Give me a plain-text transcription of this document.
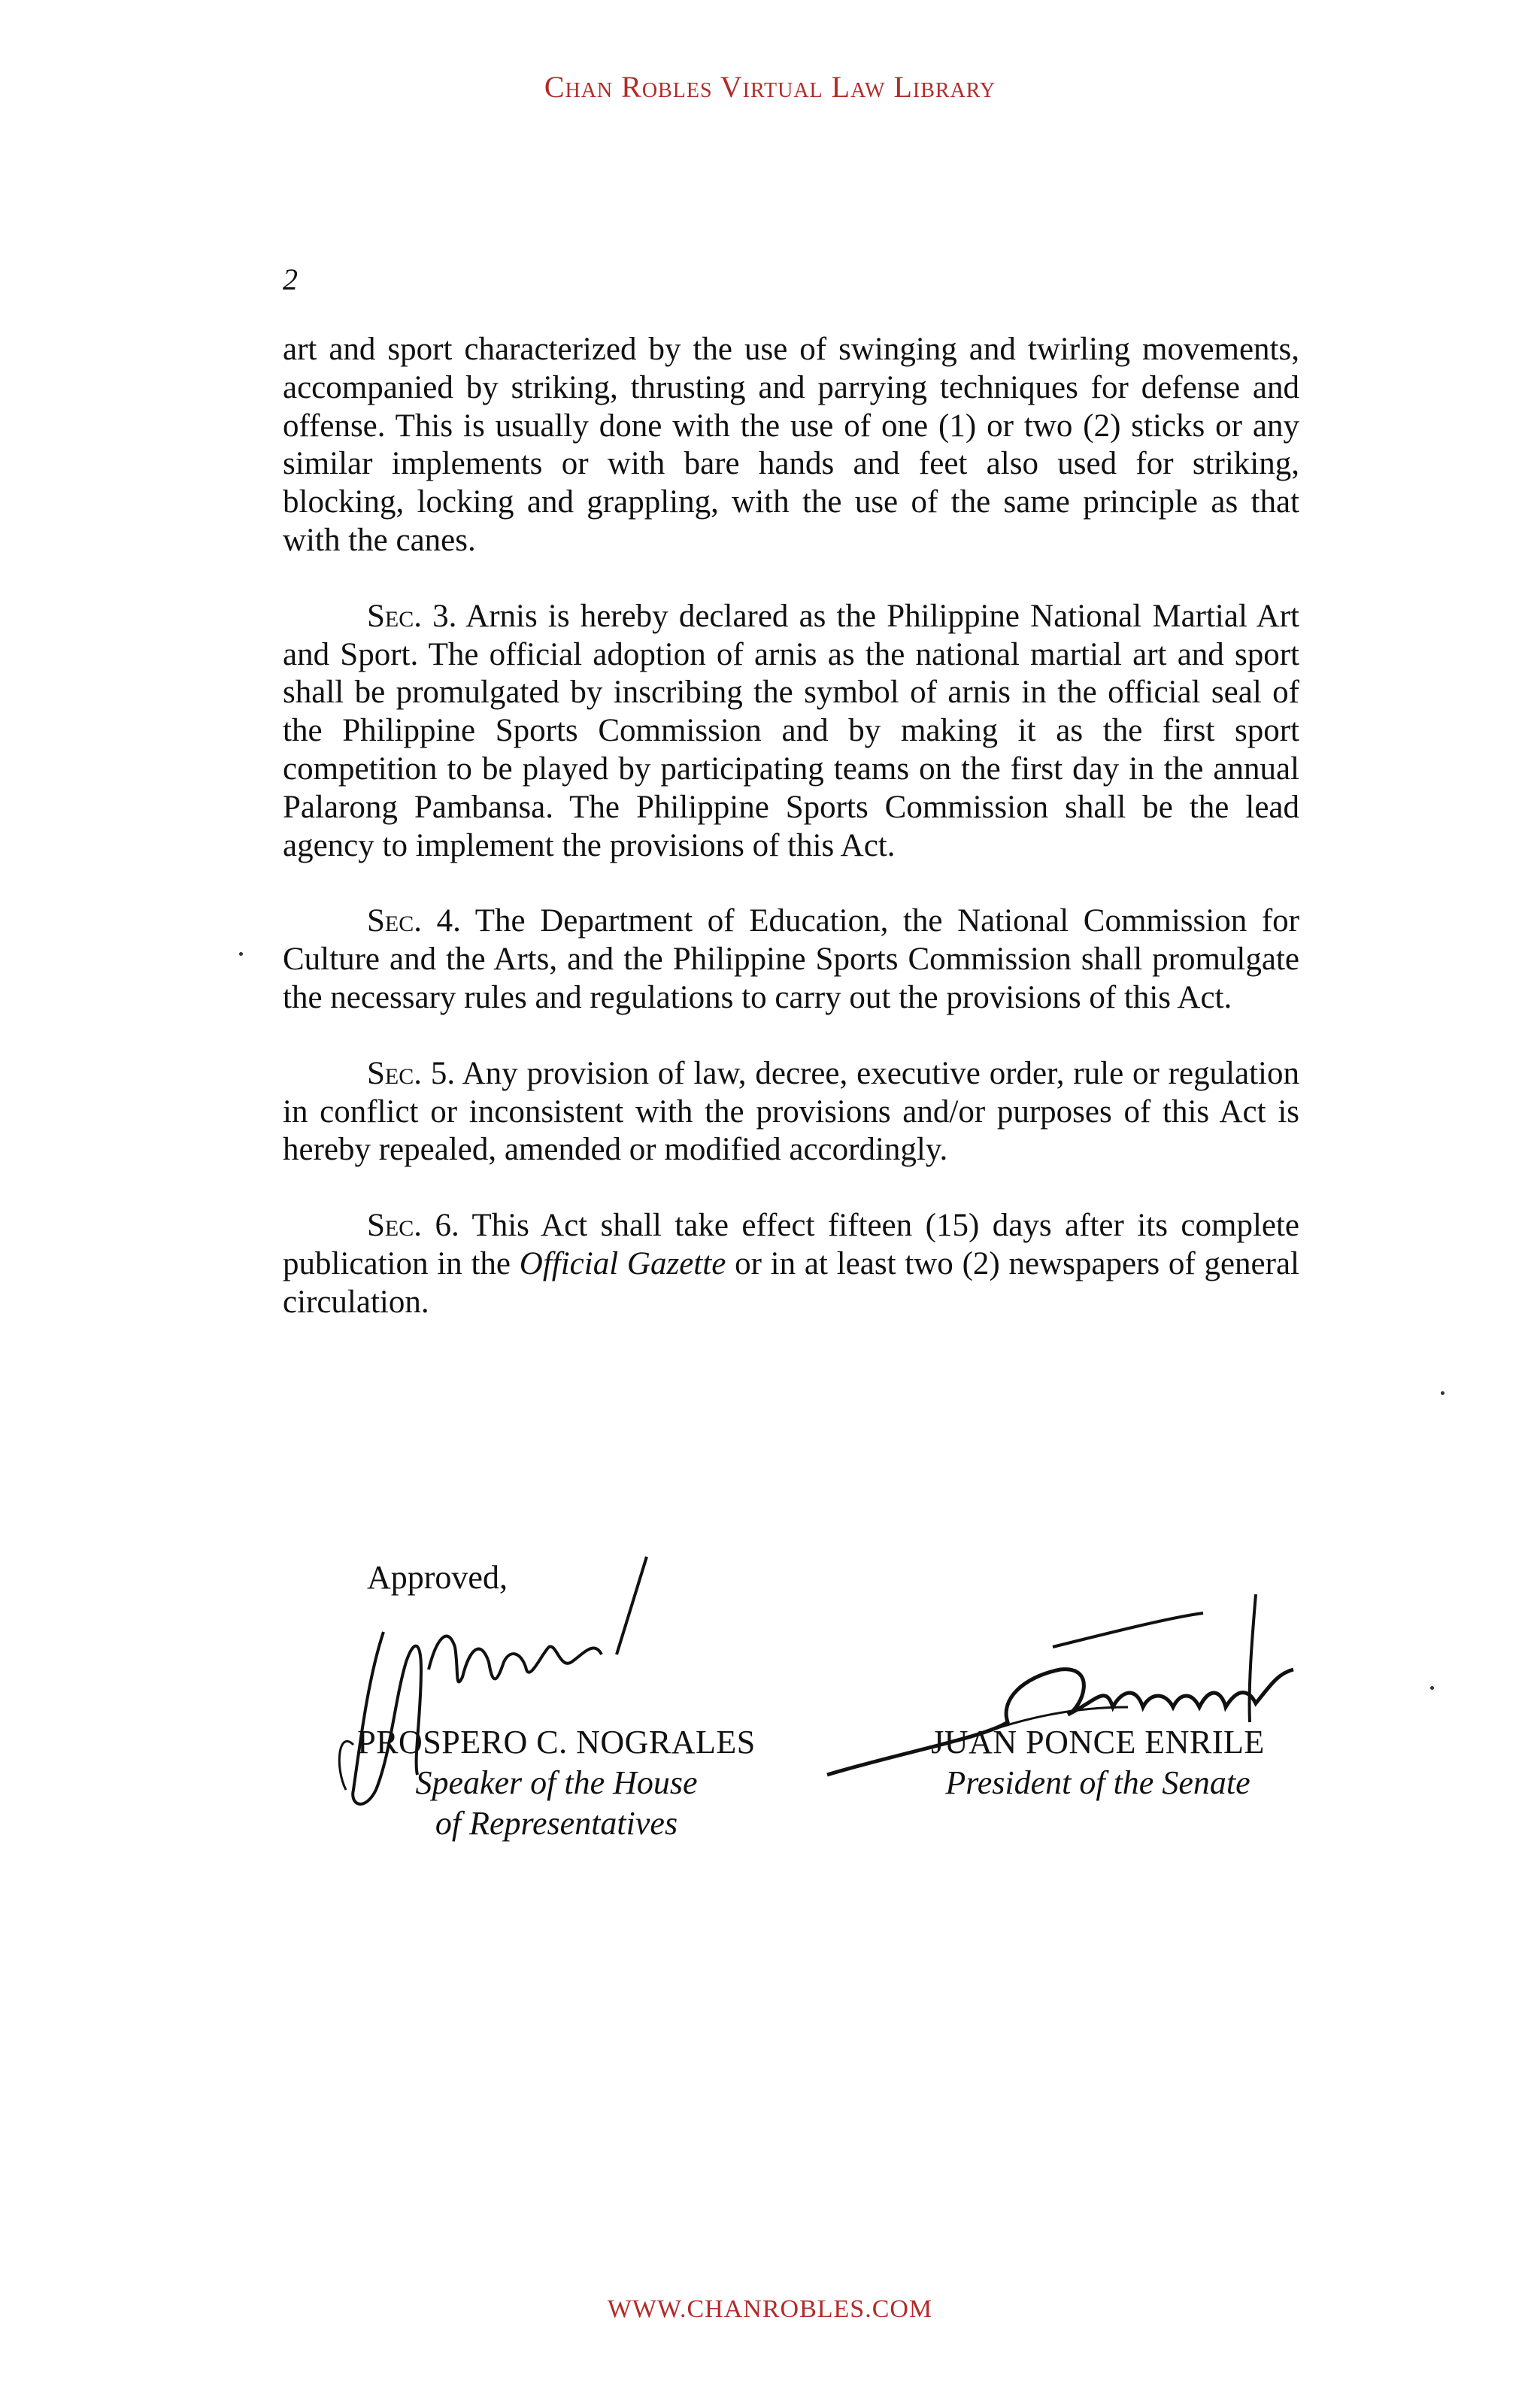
Chan Robles Virtual Law Library
2

art and sport characterized by the use of swinging and twirling movements, accompanied by striking, thrusting and parrying techniques for defense and offense. This is usually done with the use of one (1) or two (2) sticks or any similar implements or with bare hands and feet also used for striking, blocking, locking and grappling, with the use of the same principle as that with the canes.

Sec. 3. Arnis is hereby declared as the Philippine National Martial Art and Sport. The official adoption of arnis as the national martial art and sport shall be promulgated by inscribing the symbol of arnis in the official seal of the Philippine Sports Commission and by making it as the first sport competition to be played by participating teams on the first day in the annual Palarong Pambansa. The Philippine Sports Commission shall be the lead agency to implement the provisions of this Act.

Sec. 4. The Department of Education, the National Commission for Culture and the Arts, and the Philippine Sports Commission shall promulgate the necessary rules and regulations to carry out the provisions of this Act.

Sec. 5. Any provision of law, decree, executive order, rule or regulation in conflict or inconsistent with the provisions and/or purposes of this Act is hereby repealed, amended or modified accordingly.

Sec. 6. This Act shall take effect fifteen (15) days after its complete publication in the Official Gazette or in at least two (2) newspapers of general circulation.

Approved,
PROSPERO C. NOGRALES
Speaker of the House
of Representatives
JUAN PONCE ENRILE
President of the Senate
WWW.CHANROBLES.COM
